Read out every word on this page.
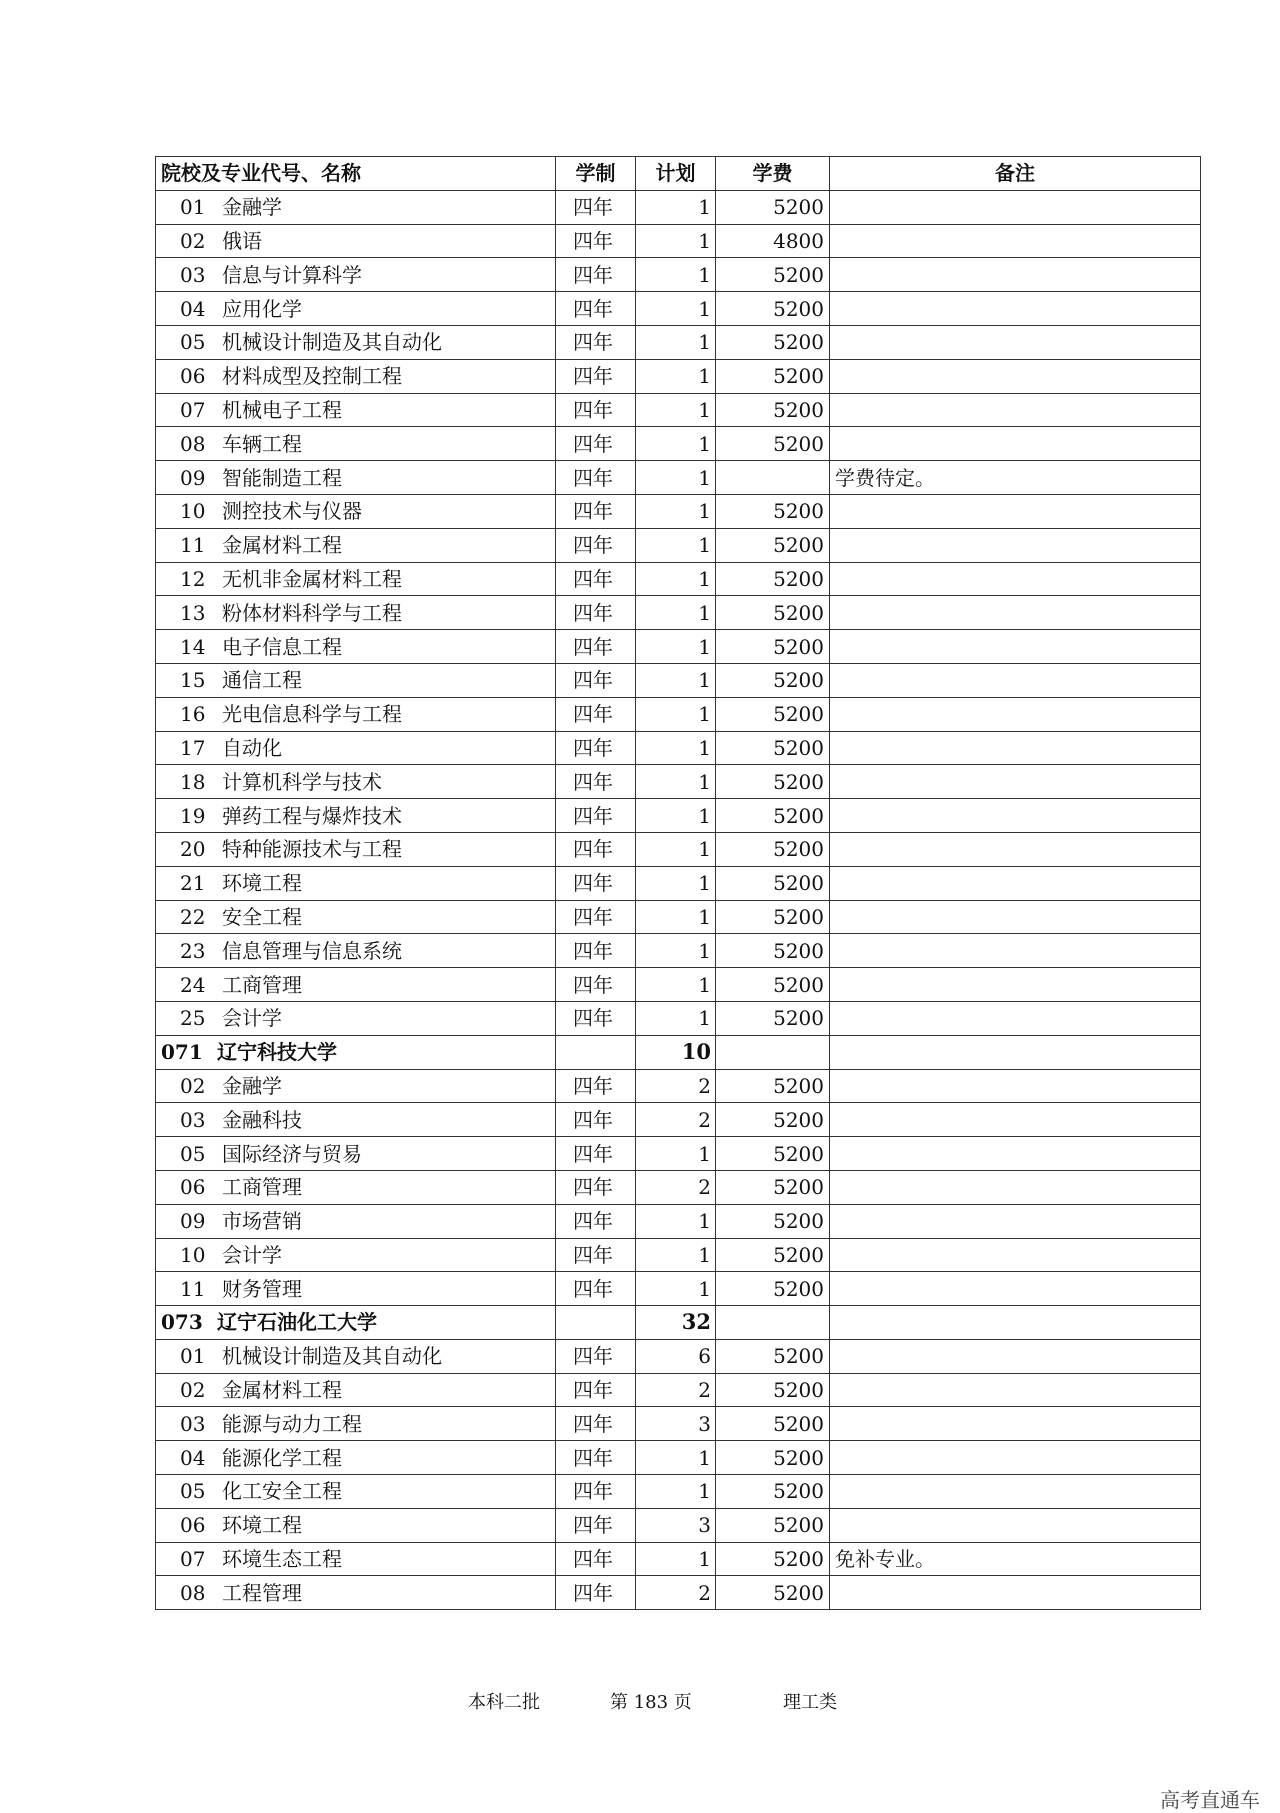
院校及专业代号、名称	学制	计划	学费	备注
01 金融学	四年	1	5200	
02 俄语	四年	1	4800	
03 信息与计算科学	四年	1	5200	
04 应用化学	四年	1	5200	
05 机械设计制造及其自动化	四年	1	5200	
06 材料成型及控制工程	四年	1	5200	
07 机械电子工程	四年	1	5200	
08 车辆工程	四年	1	5200	
09 智能制造工程	四年	1		学费待定。
10 测控技术与仪器	四年	1	5200	
11 金属材料工程	四年	1	5200	
12 无机非金属材料工程	四年	1	5200	
13 粉体材料科学与工程	四年	1	5200	
14 电子信息工程	四年	1	5200	
15 通信工程	四年	1	5200	
16 光电信息科学与工程	四年	1	5200	
17 自动化	四年	1	5200	
18 计算机科学与技术	四年	1	5200	
19 弹药工程与爆炸技术	四年	1	5200	
20 特种能源技术与工程	四年	1	5200	
21 环境工程	四年	1	5200	
22 安全工程	四年	1	5200	
23 信息管理与信息系统	四年	1	5200	
24 工商管理	四年	1	5200	
25 会计学	四年	1	5200	
071 辽宁科技大学		10		
02 金融学	四年	2	5200	
03 金融科技	四年	2	5200	
05 国际经济与贸易	四年	1	5200	
06 工商管理	四年	2	5200	
09 市场营销	四年	1	5200	
10 会计学	四年	1	5200	
11 财务管理	四年	1	5200	
073 辽宁石油化工大学		32		
01 机械设计制造及其自动化	四年	6	5200	
02 金属材料工程	四年	2	5200	
03 能源与动力工程	四年	3	5200	
04 能源化学工程	四年	1	5200	
05 化工安全工程	四年	1	5200	
06 环境工程	四年	3	5200	
07 环境生态工程	四年	1	5200	免补专业。
08 工程管理	四年	2	5200	
本科二批	第 183 页	理工类
高考直通车
